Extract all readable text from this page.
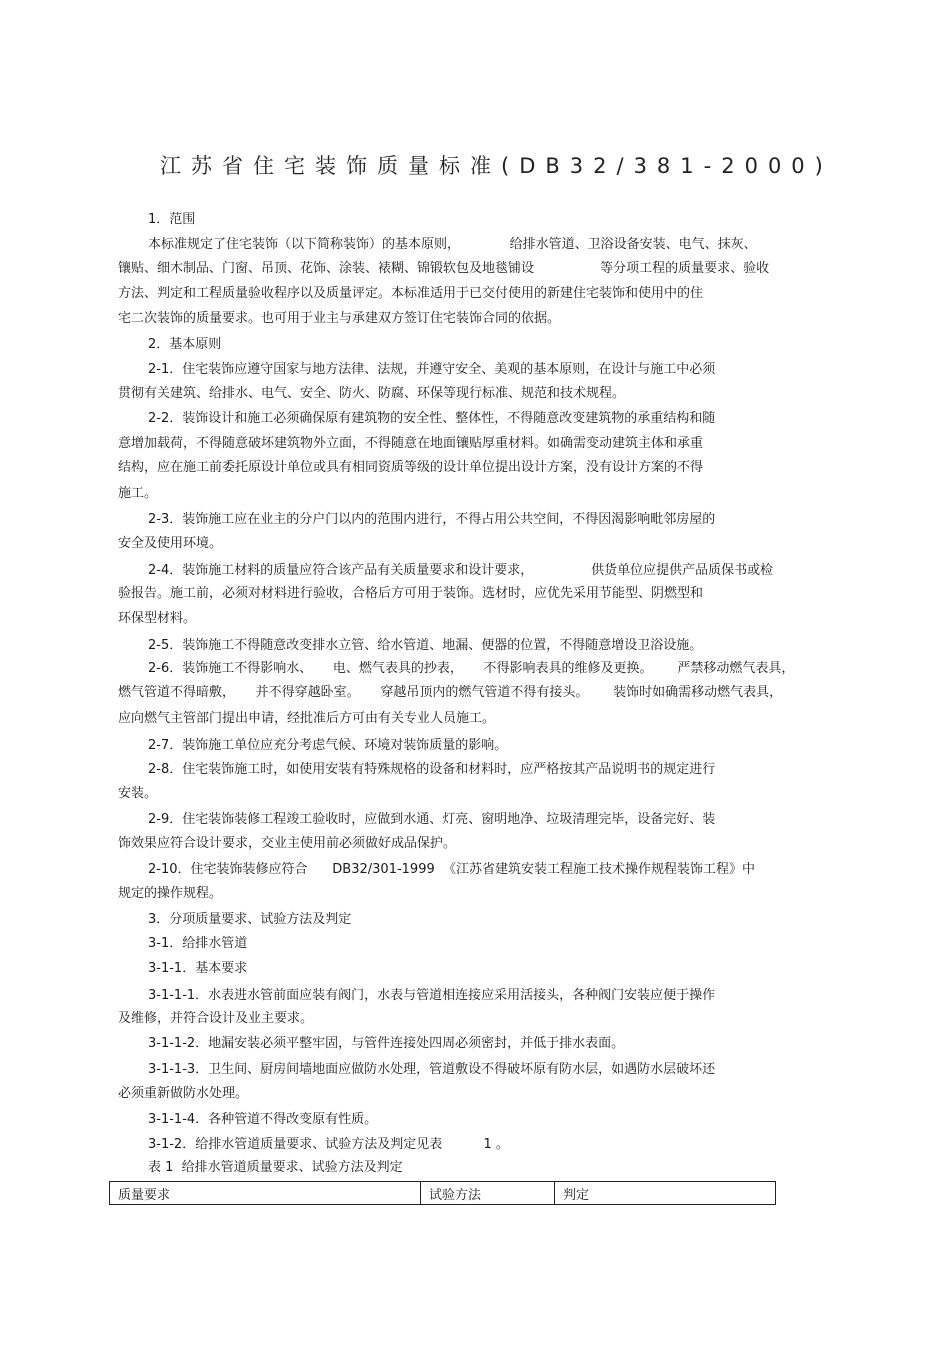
江苏省住宅装饰质量标准(DB32/381-2000)
1．范围
本标准规定了住宅装饰（以下简称装饰）的基本原则，            给排水管道、卫浴设备安装、电气、抹灰、
镶贴、细木制品、门窗、吊顶、花饰、涂装、裱糊、锦锻软包及地毯铺设                等分项工程的质量要求、验收
方法、判定和工程质量验收程序以及质量评定。本标准适用于已交付使用的新建住宅装饰和使用中的住
宅二次装饰的质量要求。也可用于业主与承建双方签订住宅装饰合同的依据。
2．基本原则
2-1．住宅装饰应遵守国家与地方法律、法规，并遵守安全、美观的基本原则，在设计与施工中必须
贯彻有关建筑、给排水、电气、安全、防火、防腐、环保等现行标准、规范和技术规程。
2-2．装饰设计和施工必须确保原有建筑物的安全性、整体性，不得随意改变建筑物的承重结构和随
意增加载荷，不得随意破坏建筑物外立面，不得随意在地面镶贴厚重材料。如确需变动建筑主体和承重
结构，应在施工前委托原设计单位或具有相同资质等级的设计单位提出设计方案，没有设计方案的不得
施工。
2-3．装饰施工应在业主的分户门以内的范围内进行，不得占用公共空间，不得因渴影响毗邻房屋的
安全及使用环境。
2-4．装饰施工材料的质量应符合该产品有关质量要求和设计要求，              供货单位应提供产品质保书或检
验报告。施工前，必须对材料进行验收，合格后方可用于装饰。选材时，应优先采用节能型、阴燃型和
环保型材料。
2-5．装饰施工不得随意改变排水立管、给水管道、地漏、便器的位置，不得随意增设卫浴设施。
2-6．装饰施工不得影响水、     电、燃气表具的抄表，     不得影响表具的维修及更换。      严禁移动燃气表具，
燃气管道不得暗敷，     并不得穿越卧室。     穿越吊顶内的燃气管道不得有接头。      装饰时如确需移动燃气表具，
应向燃气主管部门提出申请，经批准后方可由有关专业人员施工。
2-7．装饰施工单位应充分考虑气候、环境对装饰质量的影响。
2-8．住宅装饰施工时，如使用安装有特殊规格的设备和材料时，应严格按其产品说明书的规定进行
安装。
2-9．住宅装饰装修工程竣工验收时，应做到水通、灯亮、窗明地净、垃圾清理完毕，设备完好、装
饰效果应符合设计要求，交业主使用前必须做好成品保护。
2-10．住宅装饰装修应符合      DB32/301-1999  《江苏省建筑安装工程施工技术操作规程装饰工程》中
规定的操作规程。
3．分项质量要求、试验方法及判定
3-1．给排水管道
3-1-1．基本要求
3-1-1-1．水表进水管前面应装有阀门，水表与管道相连接应采用活接头，各种阀门安装应便于操作
及维修，并符合设计及业主要求。
3-1-1-2．地漏安装必须平整牢固，与管件连接处四周必须密封，并低于排水表面。
3-1-1-3．卫生间、厨房间墙地面应做防水处理，管道敷设不得破坏原有防水层，如遇防水层破坏还
必须重新做防水处理。
3-1-1-4．各种管道不得改变原有性质。
3-1-2．给排水管道质量要求、试验方法及判定见表          1 。
表 1  给排水管道质量要求、试验方法及判定
质量要求	试验方法	判定
